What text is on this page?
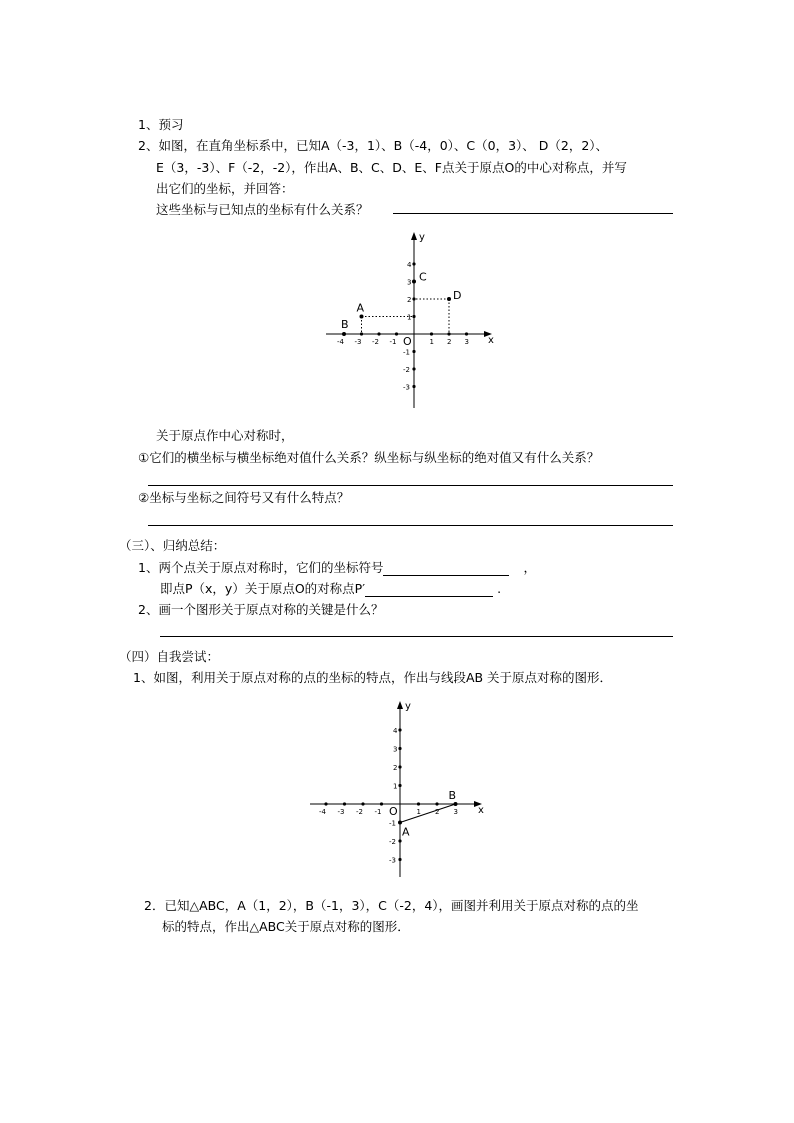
1、预习
2、如图，在直角坐标系中，已知A（-3，1）、B（-4，0）、C（0，3）、 D（2，2）、
E（3，-3）、F（-2，-2），作出A、B、C、D、E、F点关于原点O的中心对称点，并写
出它们的坐标，并回答：
这些坐标与已知点的坐标有什么关系？
x
y
O
-4 -3 -2 -1	1 2 3
4
3
2
1
-1
-2
-3
A
B
C
D
关于原点作中心对称时，
①它们的横坐标与横坐标绝对值什么关系？纵坐标与纵坐标的绝对值又有什么关系？
②坐标与坐标之间符号又有什么特点？
（三）、归纳总结：
1、两个点关于原点对称时，它们的坐标符号	，
即点P（x，y）关于原点O的对称点P′	.
2、画一个图形关于原点对称的关键是什么？
（四）自我尝试：
1、如图，利用关于原点对称的点的坐标的特点，作出与线段AB 关于原点对称的图形．
x
y
O
-4 -3 -2 -1	1 2 3
4
3
2
1
-1
-2
-3
A
B
2．已知△ABC，A（1，2），B（-1，3），C（-2，4），画图并利用关于原点对称的点的坐
标的特点，作出△ABC关于原点对称的图形．
